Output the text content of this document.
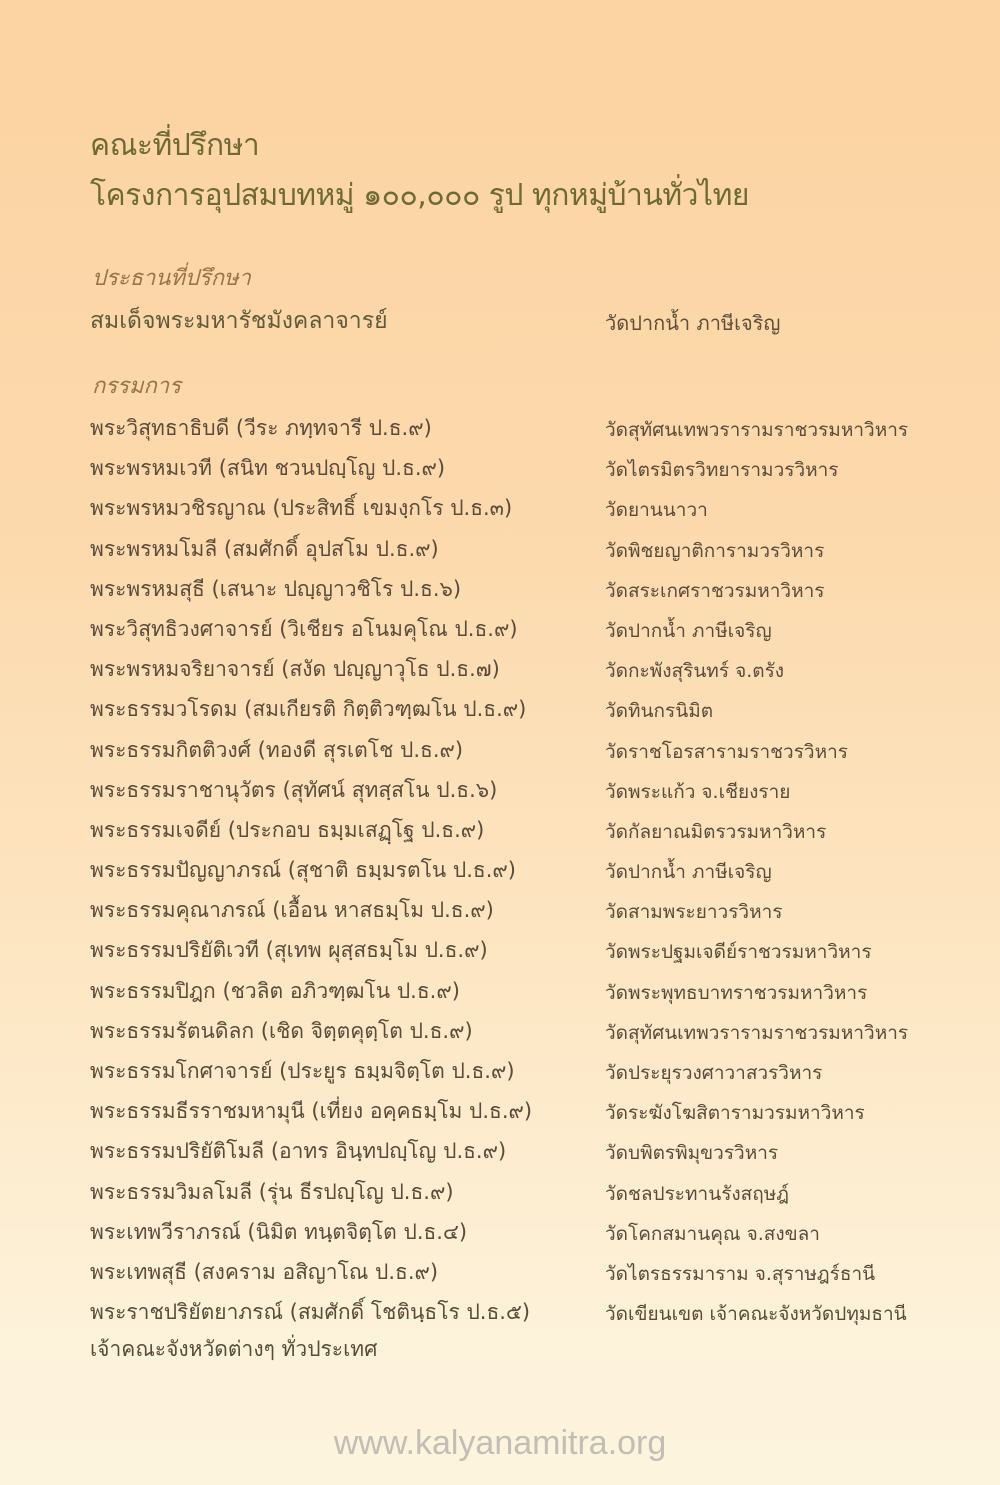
คณะที่ปรึกษา
โครงการอุปสมบทหมู่ ๑๐๐,๐๐๐ รูป ทุกหมู่บ้านทั่วไทย
ประธานที่ปรึกษา
สมเด็จพระมหารัชมังคลาจารย์	วัดปากน้ำ ภาษีเจริญ
กรรมการ
พระวิสุทธาธิบดี (วีระ ภทฺทจารี ป.ธ.๙)	วัดสุทัศนเทพวรารามราชวรมหาวิหาร
พระพรหมเวที (สนิท ชวนปญฺโญ ป.ธ.๙)	วัดไตรมิตรวิทยารามวรวิหาร
พระพรหมวชิรญาณ (ประสิทธิ์ เขมงฺกโร ป.ธ.๓)	วัดยานนาวา
พระพรหมโมลี (สมศักดิ์ อุปสโม ป.ธ.๙)	วัดพิชยญาติการามวรวิหาร
พระพรหมสุธี (เสนาะ ปญฺญาวชิโร ป.ธ.๖)	วัดสระเกศราชวรมหาวิหาร
พระวิสุทธิวงศาจารย์ (วิเชียร อโนมคุโณ ป.ธ.๙)	วัดปากน้ำ ภาษีเจริญ
พระพรหมจริยาจารย์ (สงัด ปญฺญาวุโธ ป.ธ.๗)	วัดกะพังสุรินทร์ จ.ตรัง
พระธรรมวโรดม (สมเกียรติ กิตฺติวฑฺฒโน ป.ธ.๙)	วัดทินกรนิมิต
พระธรรมกิตติวงศ์ (ทองดี สุรเตโช ป.ธ.๙)	วัดราชโอรสารามราชวรวิหาร
พระธรรมราชานุวัตร (สุทัศน์ สุทสฺสโน ป.ธ.๖)	วัดพระแก้ว จ.เชียงราย
พระธรรมเจดีย์ (ประกอบ ธมฺมเสฏฺโฐ ป.ธ.๙)	วัดกัลยาณมิตรวรมหาวิหาร
พระธรรมปัญญาภรณ์ (สุชาติ ธมฺมรตโน ป.ธ.๙)	วัดปากน้ำ ภาษีเจริญ
พระธรรมคุณาภรณ์ (เอื้อน หาสธมฺโม ป.ธ.๙)	วัดสามพระยาวรวิหาร
พระธรรมปริยัติเวที (สุเทพ ผุสฺสธมฺโม ป.ธ.๙)	วัดพระปฐมเจดีย์ราชวรมหาวิหาร
พระธรรมปิฎก (ชวลิต อภิวฑฺฒโน ป.ธ.๙)	วัดพระพุทธบาทราชวรมหาวิหาร
พระธรรมรัตนดิลก (เชิด จิตฺตคุตฺโต ป.ธ.๙)	วัดสุทัศนเทพวรารามราชวรมหาวิหาร
พระธรรมโกศาจารย์ (ประยูร ธมฺมจิตฺโต ป.ธ.๙)	วัดประยุรวงศาวาสวรวิหาร
พระธรรมธีรราชมหามุนี (เที่ยง อคฺคธมฺโม ป.ธ.๙)	วัดระฆังโฆสิตารามวรมหาวิหาร
พระธรรมปริยัติโมลี (อาทร อินฺทปญฺโญ ป.ธ.๙)	วัดบพิตรพิมุขวรวิหาร
พระธรรมวิมลโมลี (รุ่น ธีรปญฺโญ ป.ธ.๙)	วัดชลประทานรังสฤษฎ์
พระเทพวีราภรณ์ (นิมิต ทนฺตจิตฺโต ป.ธ.๔)	วัดโคกสมานคุณ จ.สงขลา
พระเทพสุธี (สงคราม อสิญาโณ ป.ธ.๙)	วัดไตรธรรมาราม จ.สุราษฎร์ธานี
พระราชปริยัตยาภรณ์ (สมศักดิ์ โชตินฺธโร ป.ธ.๕)	วัดเขียนเขต เจ้าคณะจังหวัดปทุมธานี
เจ้าคณะจังหวัดต่างๆ ทั่วประเทศ
www.kalyanamitra.org
